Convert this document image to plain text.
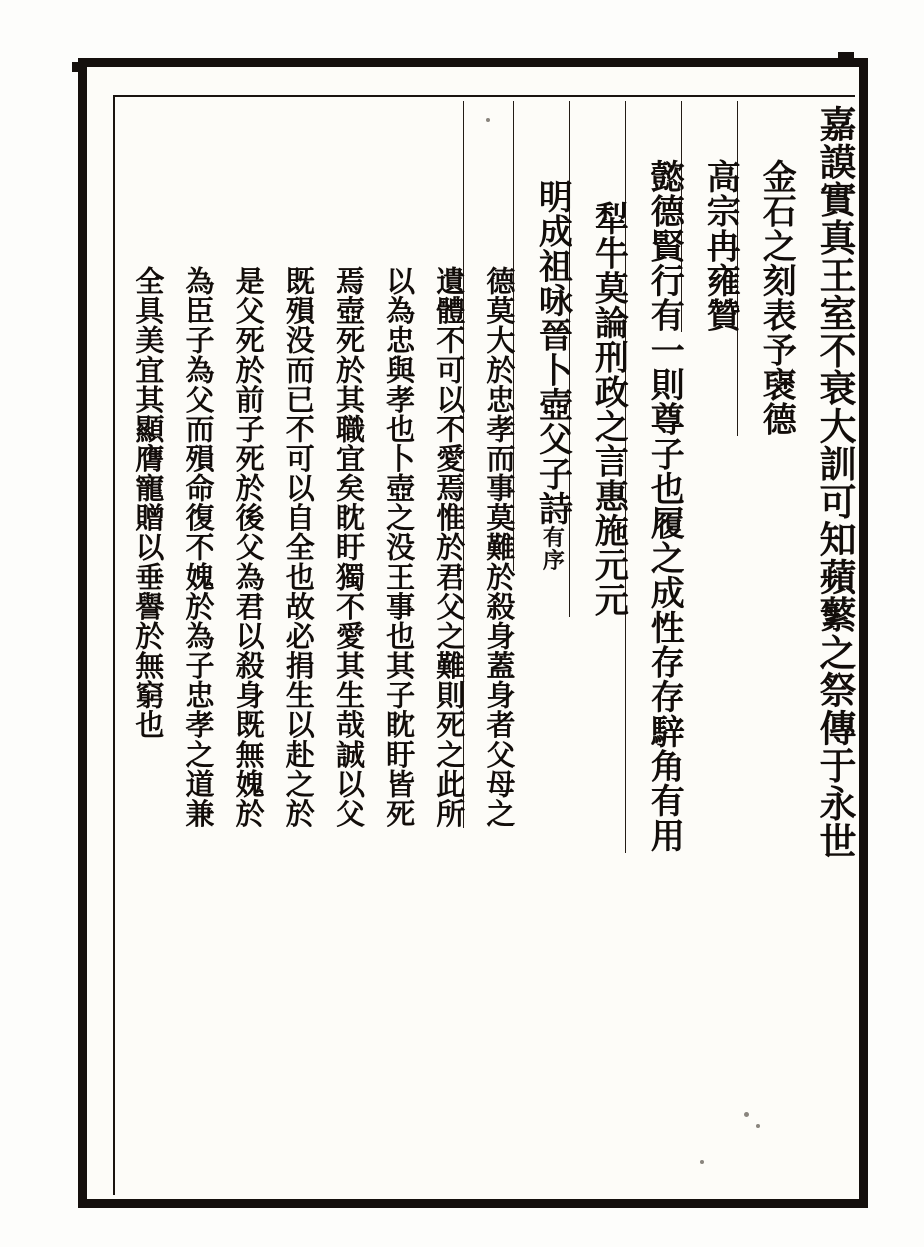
嘉謨實真王室不衰大訓可知蘋蘩之祭傳于永世
金石之刻表予襃德
高宗冉雍贊
懿德賢行有一則尊子也履之成性存存騂角有用
犁牛莫論刑政之言惠施元元
明成祖咏晉卜壺父子詩有序
德莫大於忠孝而事莫難於殺身蓋身者父母之
遺體不可以不愛焉惟於君父之難則死之此所
以為忠與孝也卜壺之没王事也其子眈盱皆死
焉壺死於其職宜矣眈盱獨不愛其生哉誠以父
既殞没而已不可以自全也故必捐生以赴之於
是父死於前子死於後父為君以殺身既無媿於
為臣子為父而殞命復不媿於為子忠孝之道兼
全具美宜其顯膺寵贈以垂譽於無窮也
